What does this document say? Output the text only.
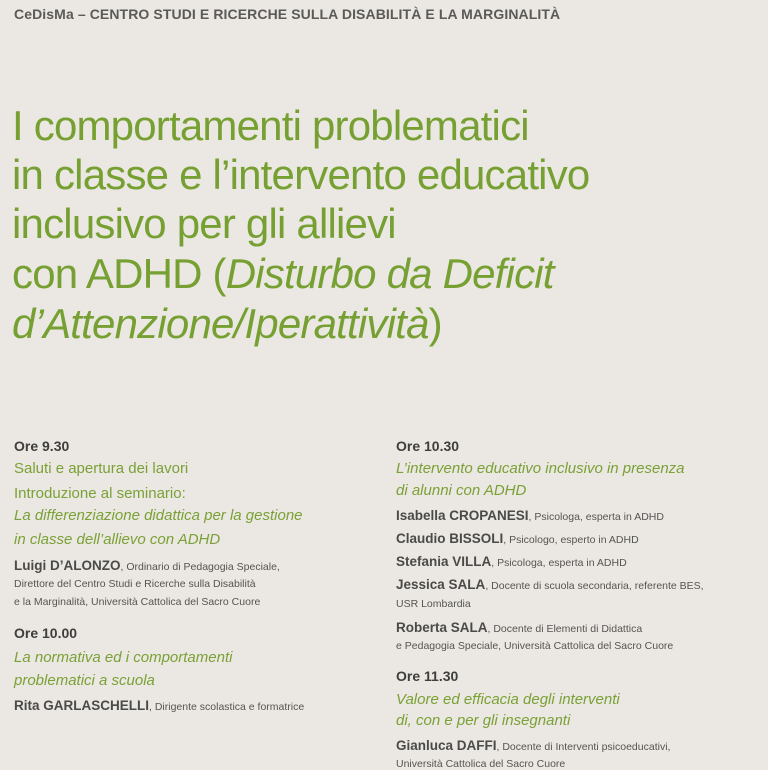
CeDisMa – CENTRO STUDI E RICERCHE SULLA DISABILITÀ E LA MARGINALITÀ
I comportamenti problematici
in classe e l’intervento educativo
inclusivo per gli allievi
con ADHD (Disturbo da Deficit
d’Attenzione/Iperattività)
Ore 9.30
Saluti e apertura dei lavori
Introduzione al seminario:
La differenziazione didattica per la gestione
in classe dell’allievo con ADHD
Luigi D’ALONZO, Ordinario di Pedagogia Speciale,
Direttore del Centro Studi e Ricerche sulla Disabilità
e la Marginalità, Università Cattolica del Sacro Cuore
Ore 10.00
La normativa ed i comportamenti
problematici a scuola
Rita GARLASCHELLI, Dirigente scolastica e formatrice
Ore 10.30
L’intervento educativo inclusivo in presenza
di alunni con ADHD
Isabella CROPANESI, Psicologa, esperta in ADHD
Claudio BISSOLI, Psicologo, esperto in ADHD
Stefania VILLA, Psicologa, esperta in ADHD
Jessica SALA, Docente di scuola secondaria, referente BES,
USR Lombardia
Roberta SALA, Docente di Elementi di Didattica
e Pedagogia Speciale, Università Cattolica del Sacro Cuore
Ore 11.30
Valore ed efficacia degli interventi
di, con e per gli insegnanti
Gianluca DAFFI, Docente di Interventi psicoeducativi,
Università Cattolica del Sacro Cuore
